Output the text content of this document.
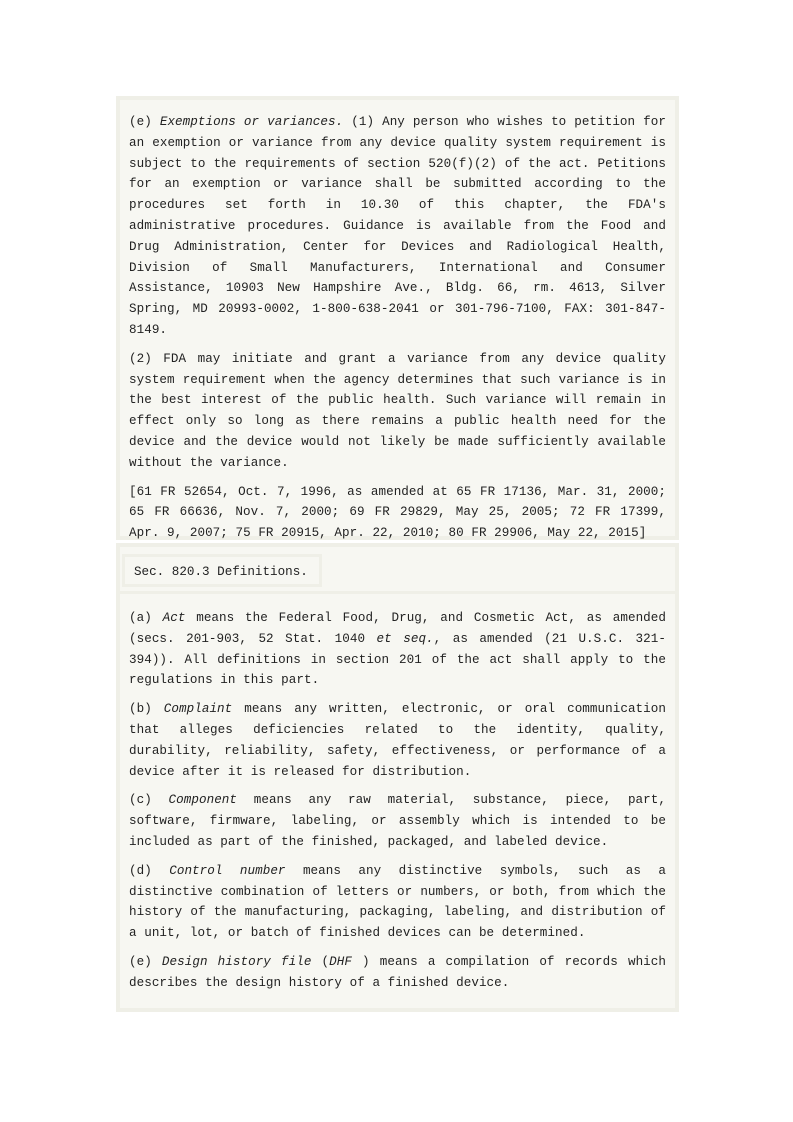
(e) Exemptions or variances. (1) Any person who wishes to petition for an exemption or variance from any device quality system requirement is subject to the requirements of section 520(f)(2) of the act. Petitions for an exemption or variance shall be submitted according to the procedures set forth in 10.30 of this chapter, the FDA's administrative procedures. Guidance is available from the Food and Drug Administration, Center for Devices and Radiological Health, Division of Small Manufacturers, International and Consumer Assistance, 10903 New Hampshire Ave., Bldg. 66, rm. 4613, Silver Spring, MD 20993-0002, 1-800-638-2041 or 301-796-7100, FAX: 301-847-8149.

(2) FDA may initiate and grant a variance from any device quality system requirement when the agency determines that such variance is in the best interest of the public health. Such variance will remain in effect only so long as there remains a public health need for the device and the device would not likely be made sufficiently available without the variance.

[61 FR 52654, Oct. 7, 1996, as amended at 65 FR 17136, Mar. 31, 2000; 65 FR 66636, Nov. 7, 2000; 69 FR 29829, May 25, 2005; 72 FR 17399, Apr. 9, 2007; 75 FR 20915, Apr. 22, 2010; 80 FR 29906, May 22, 2015]

Sec. 820.3 Definitions.

(a) Act means the Federal Food, Drug, and Cosmetic Act, as amended (secs. 201-903, 52 Stat. 1040 et seq., as amended (21 U.S.C. 321-394)). All definitions in section 201 of the act shall apply to the regulations in this part.

(b) Complaint means any written, electronic, or oral communication that alleges deficiencies related to the identity, quality, durability, reliability, safety, effectiveness, or performance of a device after it is released for distribution.

(c) Component means any raw material, substance, piece, part, software, firmware, labeling, or assembly which is intended to be included as part of the finished, packaged, and labeled device.

(d) Control number means any distinctive symbols, such as a distinctive combination of letters or numbers, or both, from which the history of the manufacturing, packaging, labeling, and distribution of a unit, lot, or batch of finished devices can be determined.

(e) Design history file (DHF ) means a compilation of records which describes the design history of a finished device.
